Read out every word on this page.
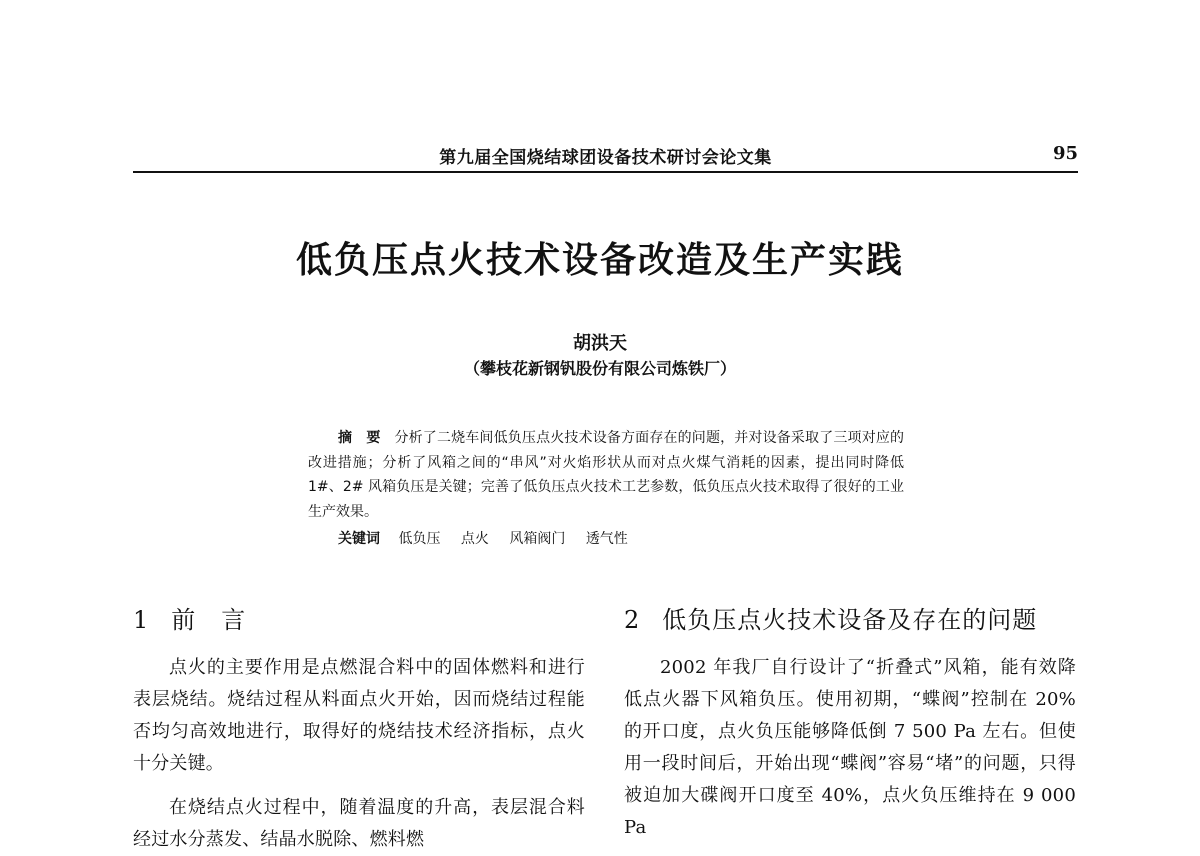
第九届全国烧结球团设备技术研讨会论文集	95
低负压点火技术设备改造及生产实践
胡洪天
（攀枝花新钢钒股份有限公司炼铁厂）
摘　要 分析了二烧车间低负压点火技术设备方面存在的问题，并对设备采取了三项对应的改进措施；分析了风箱之间的“串风”对火焰形状从而对点火煤气消耗的因素，提出同时降低 1#、2# 风箱负压是关键；完善了低负压点火技术工艺参数，低负压点火技术取得了很好的工业生产效果。
关键词 低负压 点火 风箱阀门 透气性
1 前　言

点火的主要作用是点燃混合料中的固体燃料和进行表层烧结。烧结过程从料面点火开始，因而烧结过程能否均匀高效地进行，取得好的烧结技术经济指标，点火十分关键。

在烧结点火过程中，随着温度的升高，表层混合料经过水分蒸发、结晶水脱除、燃料燃

2 低负压点火技术设备及存在的问题

2002 年我厂自行设计了“折叠式”风箱，能有效降低点火器下风箱负压。使用初期，“蝶阀”控制在 20% 的开口度，点火负压能够降低倒 7 500 Pa 左右。但使用一段时间后，开始出现“蝶阀”容易“堵”的问题，只得被迫加大碟阀开口度至 40%，点火负压维持在 9 000 Pa
